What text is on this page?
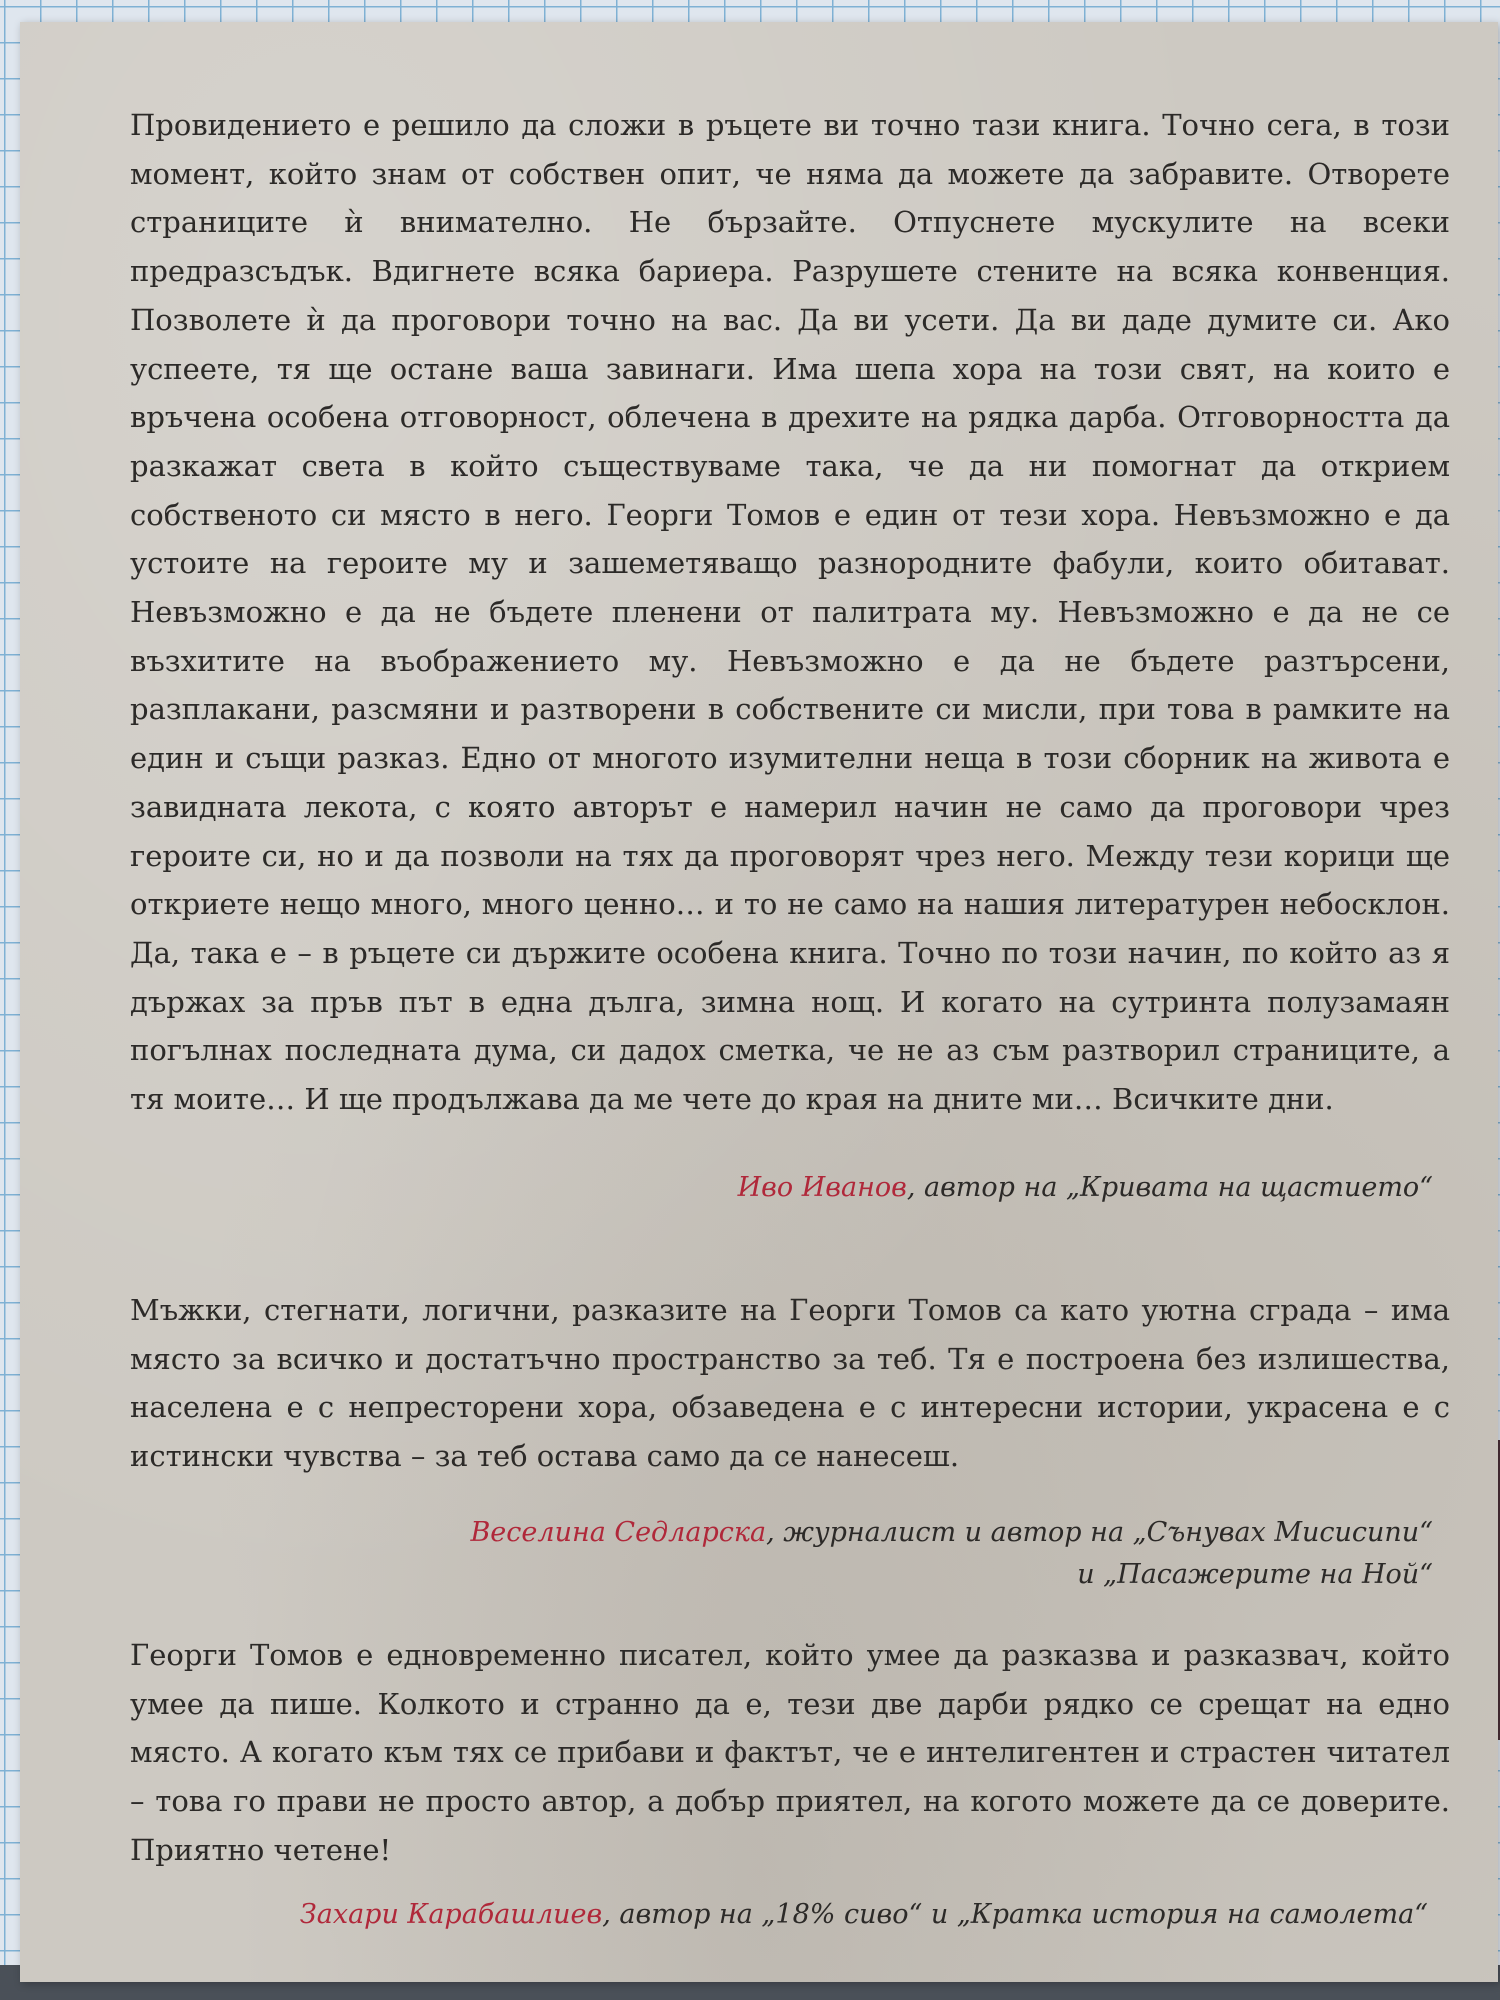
Провидението е решило да сложи в ръцете ви точно тази книга. Точно сега, в този момент, който знам от собствен опит, че няма да можете да забравите. Отворете страниците ѝ внимателно. Не бързайте. Отпуснете мускулите на всеки предразсъдък. Вдигнете всяка бариера. Разрушете стените на всяка конвенция. Позволете ѝ да проговори точно на вас. Да ви усети. Да ви даде думите си. Ако успеете, тя ще остане ваша завинаги. Има шепа хора на този свят, на които е връчена особена отговорност, облечена в дрехите на рядка дарба. Отговорността да разкажат света в който съществуваме така, че да ни помогнат да открием собственото си място в него. Георги Томов е един от тези хора. Невъзможно е да устоите на героите му и зашеметяващо разнородните фабули, които обитават. Невъзможно е да не бъдете пленени от палитрата му. Невъзможно е да не се възхитите на въображението му. Невъзможно е да не бъдете разтърсени, разплакани, разсмяни и разтворени в собствените си мисли, при това в рамките на един и същи разказ. Едно от многото изумителни неща в този сборник на живота е завидната лекота, с която авторът е намерил начин не само да проговори чрез героите си, но и да позволи на тях да проговорят чрез него. Между тези корици ще откриете нещо много, много ценно… и то не само на нашия литературен небосклон. Да, така е – в ръцете си държите особена книга. Точно по този начин, по който аз я държах за пръв път в една дълга, зимна нощ. И когато на сутринта полузамаян погълнах последната дума, си дадох сметка, че не аз съм разтворил страниците, а тя моите… И ще продължава да ме чете до края на дните ми… Всичките дни.

Иво Иванов, автор на „Кривата на щастието“

Мъжки, стегнати, логични, разказите на Георги Томов са като уютна сграда – има място за всичко и достатъчно пространство за теб. Тя е построена без излишества, населена е с непресторени хора, обзаведена е с интересни истории, украсена е с истински чувства – за теб остава само да се нанесеш.

Веселина Седларска, журналист и автор на „Сънувах Мисисипи“
и „Пасажерите на Ной“

Георги Томов е едновременно писател, който умее да разказва и разказвач, който умее да пише. Колкото и странно да е, тези две дарби рядко се срещат на едно място. А когато към тях се прибави и фактът, че е интелигентен и страстен читател – това го прави не просто автор, а добър приятел, на когото можете да се доверите. Приятно четене!

Захари Карабашлиев, автор на „18% сиво“ и „Кратка история на самолета“
